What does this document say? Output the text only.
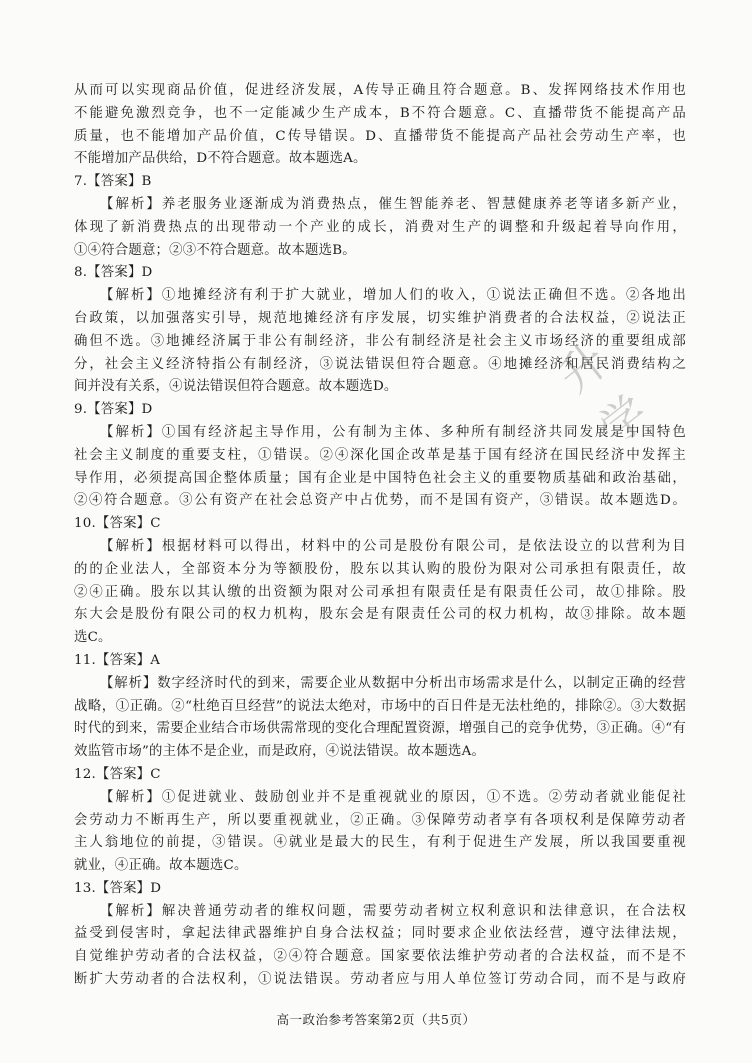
从而可以实现商品价值，促进经济发展，A传导正确且符合题意。B、发挥网络技术作用也
不能避免激烈竞争，也不一定能减少生产成本，B不符合题意。C、直播带货不能提高产品
质量，也不能增加产品价值，C传导错误。D、直播带货不能提高产品社会劳动生产率，也
不能增加产品供给，D不符合题意。故本题选A。
7.【答案】B
【解析】养老服务业逐渐成为消费热点，催生智能养老、智慧健康养老等诸多新产业，
体现了新消费热点的出现带动一个产业的成长，消费对生产的调整和升级起着导向作用，
①④符合题意；②③不符合题意。故本题选B。
8.【答案】D
【解析】①地摊经济有利于扩大就业，增加人们的收入，①说法正确但不选。②各地出
台政策，以加强落实引导，规范地摊经济有序发展，切实维护消费者的合法权益，②说法正
确但不选。③地摊经济属于非公有制经济，非公有制经济是社会主义市场经济的重要组成部
分，社会主义经济特指公有制经济，③说法错误但符合题意。④地摊经济和居民消费结构之
间并没有关系，④说法错误但符合题意。故本题选D。
9.【答案】D
【解析】①国有经济起主导作用，公有制为主体、多种所有制经济共同发展是中国特色
社会主义制度的重要支柱，①错误。②④深化国企改革是基于国有经济在国民经济中发挥主
导作用，必须提高国企整体质量；国有企业是中国特色社会主义的重要物质基础和政治基础，
②④符合题意。③公有资产在社会总资产中占优势，而不是国有资产，③错误。故本题选D。
10.【答案】C
【解析】根据材料可以得出，材料中的公司是股份有限公司，是依法设立的以营利为目
的的企业法人，全部资本分为等额股份，股东以其认购的股份为限对公司承担有限责任，故
②④正确。股东以其认缴的出资额为限对公司承担有限责任是有限责任公司，故①排除。股
东大会是股份有限公司的权力机构，股东会是有限责任公司的权力机构，故③排除。故本题
选C。
11.【答案】A
【解析】数字经济时代的到来，需要企业从数据中分析出市场需求是什么，以制定正确的经营
战略，①正确。②“杜绝百旦经营”的说法太绝对，市场中的百日件是无法杜绝的，排除②。③大数据
时代的到来，需要企业结合市场供需常现的变化合理配置资源，增强自己的竞争优势，③正确。④“有
效监管市场”的主体不是企业，而是政府，④说法错误。故本题选A。
12.【答案】C
【解析】①促进就业、鼓励创业并不是重视就业的原因，①不选。②劳动者就业能促社
会劳动力不断再生产，所以要重视就业，②正确。③保障劳动者享有各项权利是保障劳动者
主人翁地位的前提，③错误。④就业是最大的民生，有利于促进生产发展，所以我国要重视
就业，④正确。故本题选C。
13.【答案】D
【解析】解决普通劳动者的维权问题，需要劳动者树立权利意识和法律意识，在合法权
益受到侵害时，拿起法律武器维护自身合法权益；同时要求企业依法经营，遵守法律法规，
自觉维护劳动者的合法权益，②④符合题意。国家要依法维护劳动者的合法权益，而不是不
断扩大劳动者的合法权利，①说法错误。劳动者应与用人单位签订劳动合同，而不是与政府
升学
高一政治参考答案第2页（共5页）
